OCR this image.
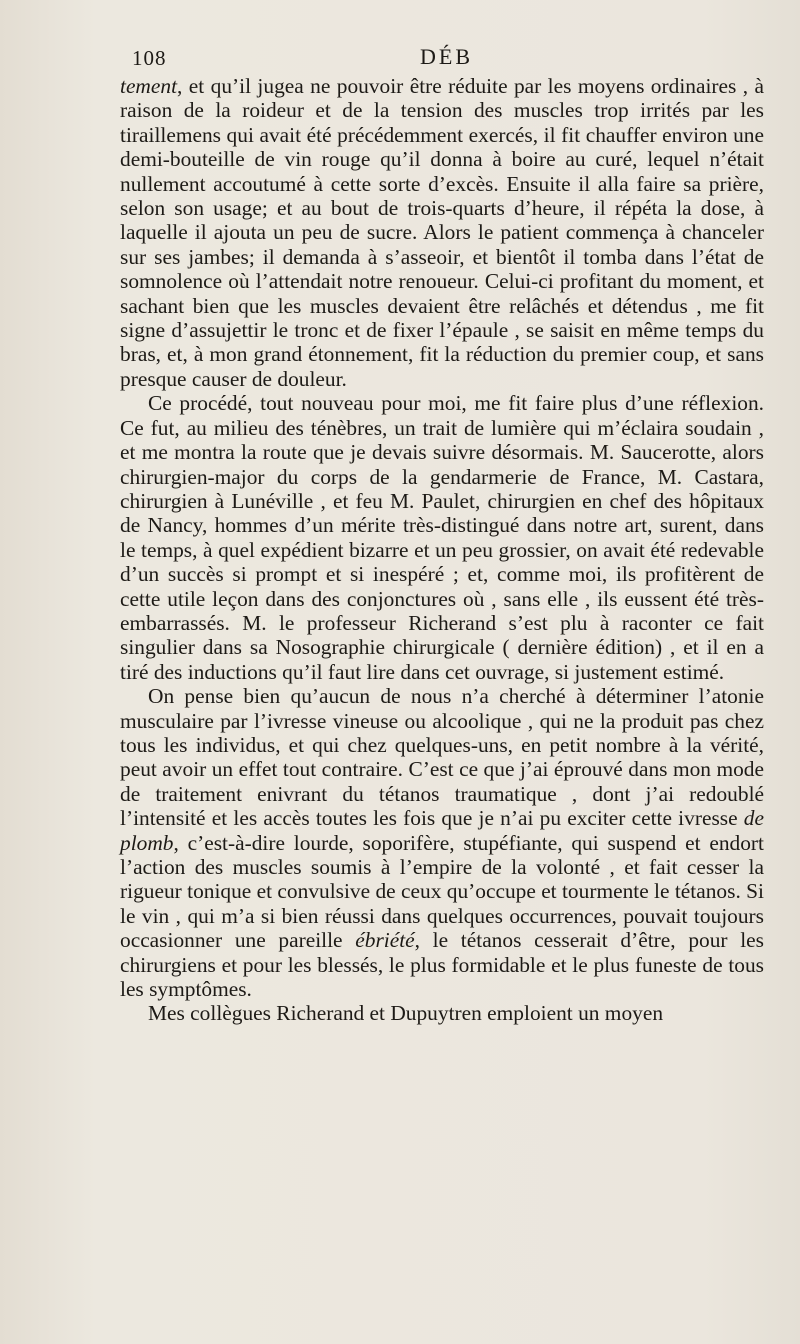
108	DÉB

tement, et qu’il jugea ne pouvoir être réduite par les moyens ordinaires , à raison de la roideur et de la tension des muscles trop irrités par les tiraillemens qui avait été précédemment exercés, il fit chauffer environ une demi-bouteille de vin rouge qu’il donna à boire au curé, lequel n’était nullement accoutumé à cette sorte d’excès. Ensuite il alla faire sa prière, selon son usage; et au bout de trois-quarts d’heure, il répéta la dose, à laquelle il ajouta un peu de sucre. Alors le patient commença à chanceler sur ses jambes; il demanda à s’asseoir, et bientôt il tomba dans l’état de somnolence où l’attendait notre renoueur. Celui-ci profitant du moment, et sachant bien que les muscles devaient être relâchés et détendus , me fit signe d’assujettir le tronc et de fixer l’épaule , se saisit en même temps du bras, et, à mon grand étonnement, fit la réduction du premier coup, et sans presque causer de douleur.

Ce procédé, tout nouveau pour moi, me fit faire plus d’une réflexion. Ce fut, au milieu des ténèbres, un trait de lumière qui m’éclaira soudain , et me montra la route que je devais suivre désormais. M. Saucerotte, alors chirurgien-major du corps de la gendarmerie de France, M. Castara, chirurgien à Lunéville , et feu M. Paulet, chirurgien en chef des hôpitaux de Nancy, hommes d’un mérite très-distingué dans notre art, surent, dans le temps, à quel expédient bizarre et un peu grossier, on avait été redevable d’un succès si prompt et si inespéré ; et, comme moi, ils profitèrent de cette utile leçon dans des conjonctures où , sans elle , ils eussent été très-embarrassés. M. le professeur Richerand s’est plu à raconter ce fait singulier dans sa Nosographie chirurgicale ( dernière édition) , et il en a tiré des inductions qu’il faut lire dans cet ouvrage, si justement estimé.

On pense bien qu’aucun de nous n’a cherché à déterminer l’atonie musculaire par l’ivresse vineuse ou alcoolique , qui ne la produit pas chez tous les individus, et qui chez quelques-uns, en petit nombre à la vérité, peut avoir un effet tout contraire. C’est ce que j’ai éprouvé dans mon mode de traitement enivrant du tétanos traumatique , dont j’ai redoublé l’intensité et les accès toutes les fois que je n’ai pu exciter cette ivresse de plomb, c’est-à-dire lourde, soporifère, stupéfiante, qui suspend et endort l’action des muscles soumis à l’empire de la volonté , et fait cesser la rigueur tonique et convulsive de ceux qu’occupe et tourmente le tétanos. Si le vin , qui m’a si bien réussi dans quelques occurrences, pouvait toujours occasionner une pareille ébriété, le tétanos cesserait d’être, pour les chirurgiens et pour les blessés, le plus formidable et le plus funeste de tous les symptômes.

Mes collègues Richerand et Dupuytren emploient un moyen
